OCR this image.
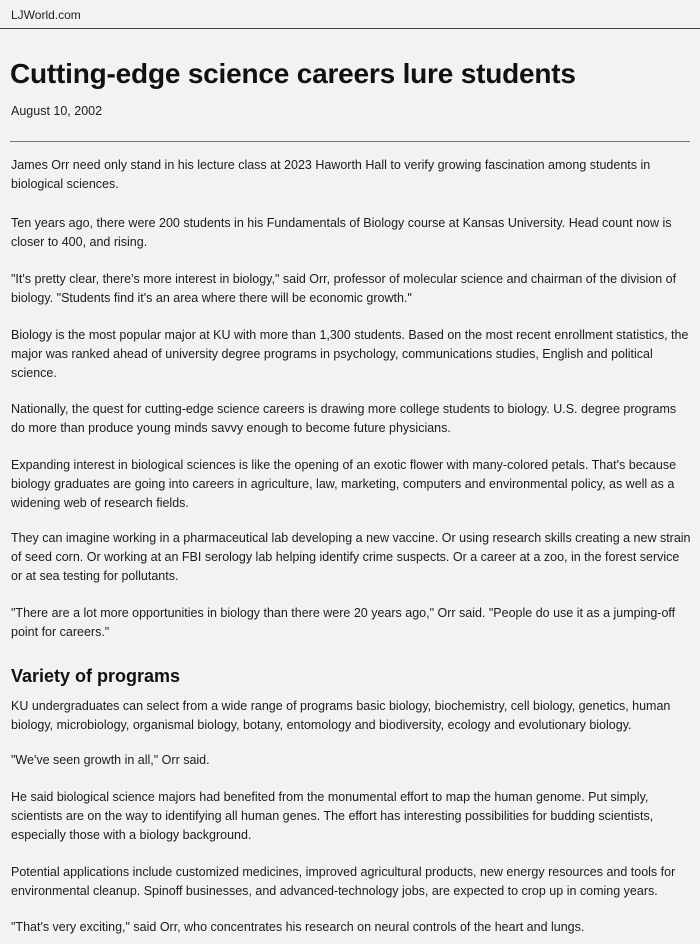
LJWorld.com
Cutting-edge science careers lure students
August 10, 2002
James Orr need only stand in his lecture class at 2023 Haworth Hall to verify growing fascination among students in biological sciences.
Ten years ago, there were 200 students in his Fundamentals of Biology course at Kansas University. Head count now is closer to 400, and rising.
"It's pretty clear, there's more interest in biology," said Orr, professor of molecular science and chairman of the division of biology. "Students find it's an area where there will be economic growth."
Biology is the most popular major at KU with more than 1,300 students. Based on the most recent enrollment statistics, the major was ranked ahead of university degree programs in psychology, communications studies, English and political science.
Nationally, the quest for cutting-edge science careers is drawing more college students to biology. U.S. degree programs do more than produce young minds savvy enough to become future physicians.
Expanding interest in biological sciences is like the opening of an exotic flower with many-colored petals. That's because biology graduates are going into careers in agriculture, law, marketing, computers and environmental policy, as well as a widening web of research fields.
They can imagine working in a pharmaceutical lab developing a new vaccine. Or using research skills creating a new strain of seed corn. Or working at an FBI serology lab helping identify crime suspects. Or a career at a zoo, in the forest service or at sea testing for pollutants.
"There are a lot more opportunities in biology than there were 20 years ago," Orr said. "People do use it as a jumping-off point for careers."
Variety of programs
KU undergraduates can select from a wide range of programs basic biology, biochemistry, cell biology, genetics, human biology, microbiology, organismal biology, botany, entomology and biodiversity, ecology and evolutionary biology.
"We've seen growth in all," Orr said.
He said biological science majors had benefited from the monumental effort to map the human genome. Put simply, scientists are on the way to identifying all human genes. The effort has interesting possibilities for budding scientists, especially those with a biology background.
Potential applications include customized medicines, improved agricultural products, new energy resources and tools for environmental cleanup. Spinoff businesses, and advanced-technology jobs, are expected to crop up in coming years.
"That's very exciting," said Orr, who concentrates his research on neural controls of the heart and lungs.
